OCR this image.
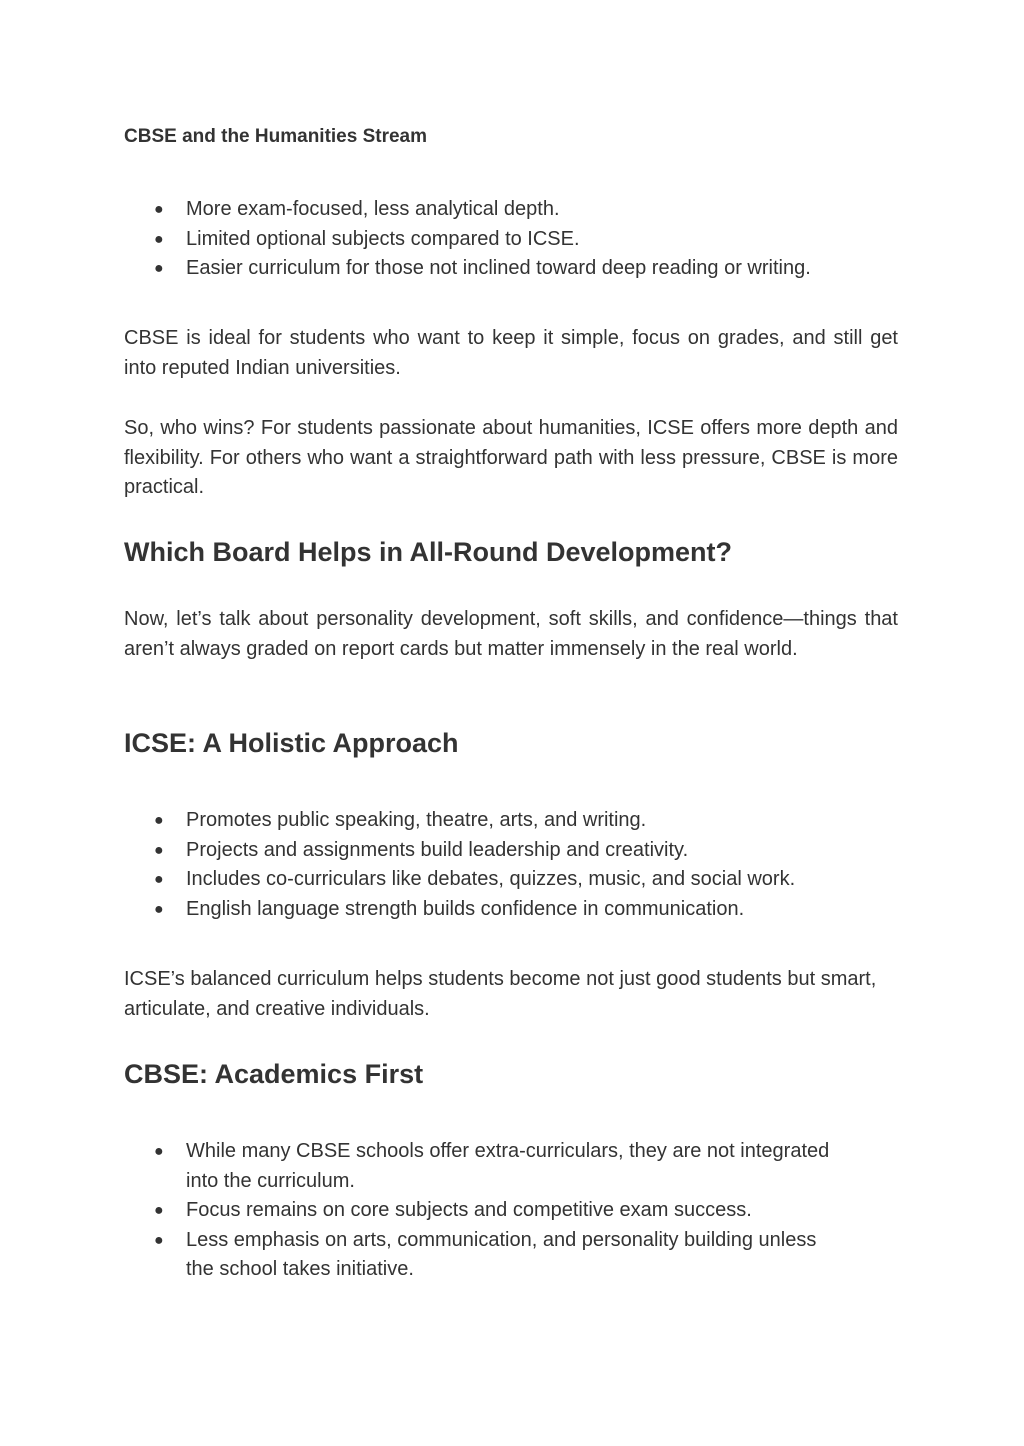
CBSE and the Humanities Stream
● More exam-focused, less analytical depth.
● Limited optional subjects compared to ICSE.
● Easier curriculum for those not inclined toward deep reading or writing.

CBSE is ideal for students who want to keep it simple, focus on grades, and still get into reputed Indian universities.

So, who wins? For students passionate about humanities, ICSE offers more depth and flexibility. For others who want a straightforward path with less pressure, CBSE is more practical.

Which Board Helps in All-Round Development?

Now, let’s talk about personality development, soft skills, and confidence—things that aren’t always graded on report cards but matter immensely in the real world.

ICSE: A Holistic Approach
● Promotes public speaking, theatre, arts, and writing.
● Projects and assignments build leadership and creativity.
● Includes co-curriculars like debates, quizzes, music, and social work.
● English language strength builds confidence in communication.

ICSE’s balanced curriculum helps students become not just good students but smart, articulate, and creative individuals.

CBSE: Academics First
● While many CBSE schools offer extra-curriculars, they are not integrated into the curriculum.
● Focus remains on core subjects and competitive exam success.
● Less emphasis on arts, communication, and personality building unless the school takes initiative.
